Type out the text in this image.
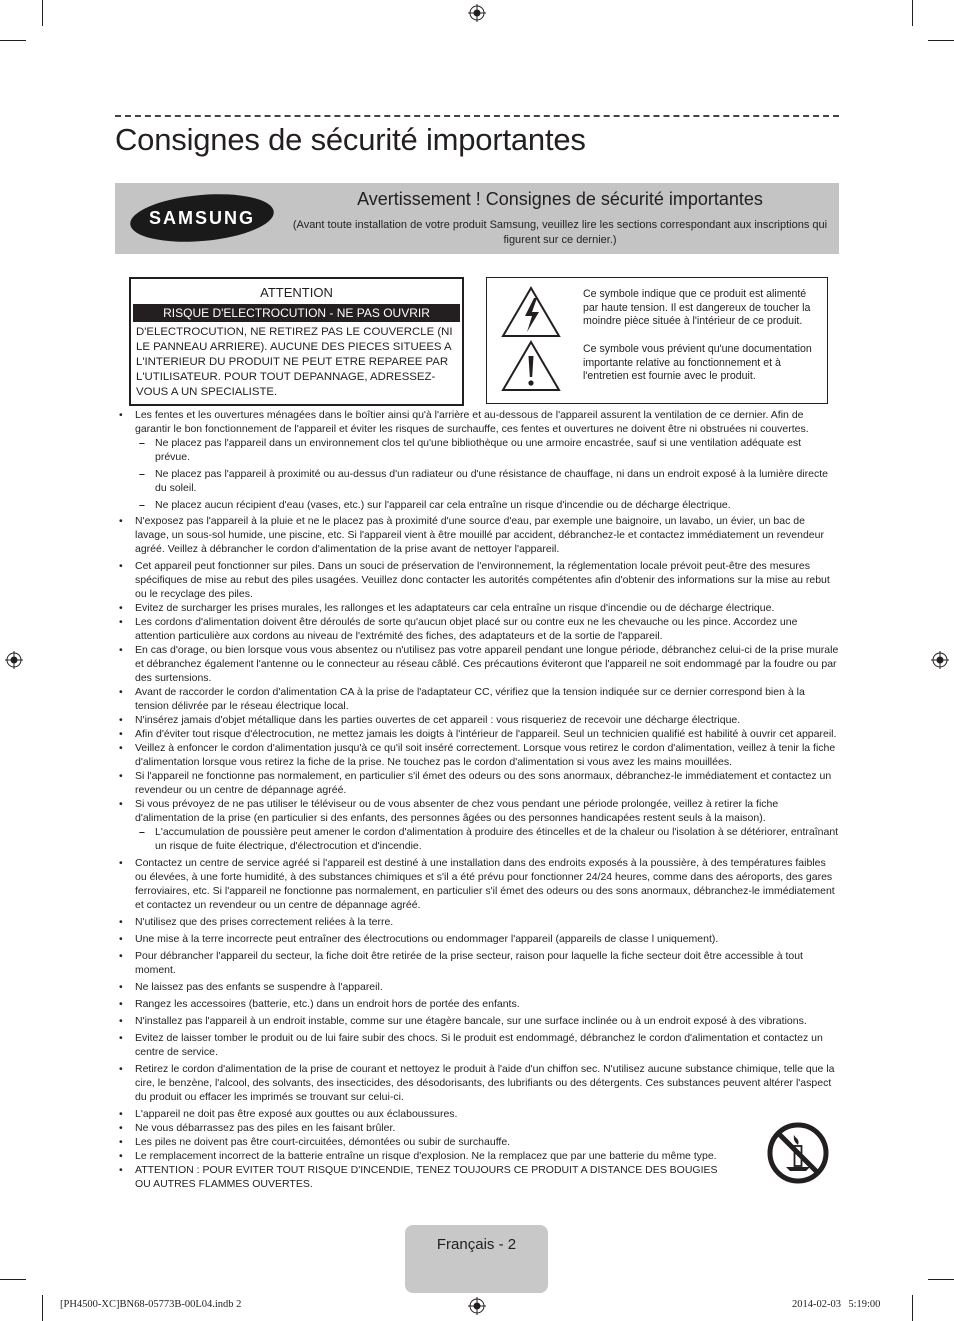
Consignes de sécurité importantes
SAMSUNG
Avertissement ! Consignes de sécurité importantes
(Avant toute installation de votre produit Samsung, veuillez lire les sections correspondant aux inscriptions qui figurent sur ce dernier.)
ATTENTION
RISQUE D'ELECTROCUTION - NE PAS OUVRIR
D'ELECTROCUTION, NE RETIREZ PAS LE COUVERCLE (NI LE PANNEAU ARRIERE). AUCUNE DES PIECES SITUEES A L'INTERIEUR DU PRODUIT NE PEUT ETRE REPAREE PAR L'UTILISATEUR. POUR TOUT DEPANNAGE, ADRESSEZ-VOUS A UN SPECIALISTE.
Ce symbole indique que ce produit est alimenté par haute tension. Il est dangereux de toucher la moindre pièce située à l'intérieur de ce produit.
Ce symbole vous prévient qu'une documentation importante relative au fonctionnement et à l'entretien est fournie avec le produit.
• Les fentes et les ouvertures ménagées dans le boîtier ainsi qu'à l'arrière et au-dessous de l'appareil assurent la ventilation de ce dernier. Afin de garantir le bon fonctionnement de l'appareil et éviter les risques de surchauffe, ces fentes et ouvertures ne doivent être ni obstruées ni couvertes.
– Ne placez pas l'appareil dans un environnement clos tel qu'une bibliothèque ou une armoire encastrée, sauf si une ventilation adéquate est prévue.
– Ne placez pas l'appareil à proximité ou au-dessus d'un radiateur ou d'une résistance de chauffage, ni dans un endroit exposé à la lumière directe du soleil.
– Ne placez aucun récipient d'eau (vases, etc.) sur l'appareil car cela entraîne un risque d'incendie ou de décharge électrique.
• N'exposez pas l'appareil à la pluie et ne le placez pas à proximité d'une source d'eau, par exemple une baignoire, un lavabo, un évier, un bac de lavage, un sous-sol humide, une piscine, etc. Si l'appareil vient à être mouillé par accident, débranchez-le et contactez immédiatement un revendeur agréé. Veillez à débrancher le cordon d'alimentation de la prise avant de nettoyer l'appareil.
• Cet appareil peut fonctionner sur piles. Dans un souci de préservation de l'environnement, la réglementation locale prévoit peut-être des mesures spécifiques de mise au rebut des piles usagées. Veuillez donc contacter les autorités compétentes afin d'obtenir des informations sur la mise au rebut ou le recyclage des piles.
• Evitez de surcharger les prises murales, les rallonges et les adaptateurs car cela entraîne un risque d'incendie ou de décharge électrique.
• Les cordons d'alimentation doivent être déroulés de sorte qu'aucun objet placé sur ou contre eux ne les chevauche ou les pince. Accordez une attention particulière aux cordons au niveau de l'extrémité des fiches, des adaptateurs et de la sortie de l'appareil.
• En cas d'orage, ou bien lorsque vous vous absentez ou n'utilisez pas votre appareil pendant une longue période, débranchez celui-ci de la prise murale et débranchez également l'antenne ou le connecteur au réseau câblé. Ces précautions éviteront que l'appareil ne soit endommagé par la foudre ou par des surtensions.
• Avant de raccorder le cordon d'alimentation CA à la prise de l'adaptateur CC, vérifiez que la tension indiquée sur ce dernier correspond bien à la tension délivrée par le réseau électrique local.
• N'insérez jamais d'objet métallique dans les parties ouvertes de cet appareil : vous risqueriez de recevoir une décharge électrique.
• Afin d'éviter tout risque d'électrocution, ne mettez jamais les doigts à l'intérieur de l'appareil. Seul un technicien qualifié est habilité à ouvrir cet appareil.
• Veillez à enfoncer le cordon d'alimentation jusqu'à ce qu'il soit inséré correctement. Lorsque vous retirez le cordon d'alimentation, veillez à tenir la fiche d'alimentation lorsque vous retirez la fiche de la prise. Ne touchez pas le cordon d'alimentation si vous avez les mains mouillées.
• Si l'appareil ne fonctionne pas normalement, en particulier s'il émet des odeurs ou des sons anormaux, débranchez-le immédiatement et contactez un revendeur ou un centre de dépannage agréé.
• Si vous prévoyez de ne pas utiliser le téléviseur ou de vous absenter de chez vous pendant une période prolongée, veillez à retirer la fiche d'alimentation de la prise (en particulier si des enfants, des personnes âgées ou des personnes handicapées restent seuls à la maison).
– L'accumulation de poussière peut amener le cordon d'alimentation à produire des étincelles et de la chaleur ou l'isolation à se détériorer, entraînant un risque de fuite électrique, d'électrocution et d'incendie.
• Contactez un centre de service agréé si l'appareil est destiné à une installation dans des endroits exposés à la poussière, à des températures faibles ou élevées, à une forte humidité, à des substances chimiques et s'il a été prévu pour fonctionner 24/24 heures, comme dans des aéroports, des gares ferroviaires, etc. Si l'appareil ne fonctionne pas normalement, en particulier s'il émet des odeurs ou des sons anormaux, débranchez-le immédiatement et contactez un revendeur ou un centre de dépannage agréé.
• N'utilisez que des prises correctement reliées à la terre.
• Une mise à la terre incorrecte peut entraîner des électrocutions ou endommager l'appareil (appareils de classe l uniquement).
• Pour débrancher l'appareil du secteur, la fiche doit être retirée de la prise secteur, raison pour laquelle la fiche secteur doit être accessible à tout moment.
• Ne laissez pas des enfants se suspendre à l'appareil.
• Rangez les accessoires (batterie, etc.) dans un endroit hors de portée des enfants.
• N'installez pas l'appareil à un endroit instable, comme sur une étagère bancale, sur une surface inclinée ou à un endroit exposé à des vibrations.
• Evitez de laisser tomber le produit ou de lui faire subir des chocs. Si le produit est endommagé, débranchez le cordon d'alimentation et contactez un centre de service.
• Retirez le cordon d'alimentation de la prise de courant et nettoyez le produit à l'aide d'un chiffon sec. N'utilisez aucune substance chimique, telle que la cire, le benzène, l'alcool, des solvants, des insecticides, des désodorisants, des lubrifiants ou des détergents. Ces substances peuvent altérer l'aspect du produit ou effacer les imprimés se trouvant sur celui-ci.
• L'appareil ne doit pas être exposé aux gouttes ou aux éclaboussures.
• Ne vous débarrassez pas des piles en les faisant brûler.
• Les piles ne doivent pas être court-circuitées, démontées ou subir de surchauffe.
• Le remplacement incorrect de la batterie entraîne un risque d'explosion. Ne la remplacez que par une batterie du même type.
• ATTENTION : POUR EVITER TOUT RISQUE D'INCENDIE, TENEZ TOUJOURS CE PRODUIT A DISTANCE DES BOUGIES OU AUTRES FLAMMES OUVERTES.
Français - 2
[PH4500-XC]BN68-05773B-00L04.indb 2	2014-02-03   5:19:00
